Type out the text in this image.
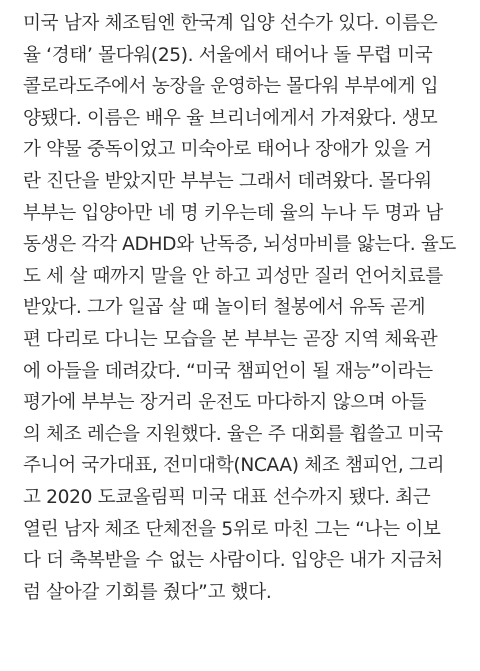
미국 남자 체조팀엔 한국계 입양 선수가 있다. 이름은
율 ‘경태’ 몰다워(25). 서울에서 태어나 돌 무렵 미국
콜로라도주에서 농장을 운영하는 몰다워 부부에게 입
양됐다. 이름은 배우 율 브리너에게서 가져왔다. 생모
가 약물 중독이었고 미숙아로 태어나 장애가 있을 거
란 진단을 받았지만 부부는 그래서 데려왔다. 몰다워
부부는 입양아만 네 명 키우는데 율의 누나 두 명과 남
동생은 각각 ADHD와 난독증, 뇌성마비를 앓는다. 율도
도 세 살 때까지 말을 안 하고 괴성만 질러 언어치료를
받았다. 그가 일곱 살 때 놀이터 철봉에서 유독 곧게
편 다리로 다니는 모습을 본 부부는 곧장 지역 체육관
에 아들을 데려갔다. “미국 챔피언이 될 재능”이라는
평가에 부부는 장거리 운전도 마다하지 않으며 아들
의 체조 레슨을 지원했다. 율은 주 대회를 휩쓸고 미국
주니어 국가대표, 전미대학(NCAA) 체조 챔피언, 그리
고 2020 도쿄올림픽 미국 대표 선수까지 됐다. 최근
열린 남자 체조 단체전을 5위로 마친 그는 “나는 이보
다 더 축복받을 수 없는 사람이다. 입양은 내가 지금처
럼 살아갈 기회를 줬다”고 했다.
